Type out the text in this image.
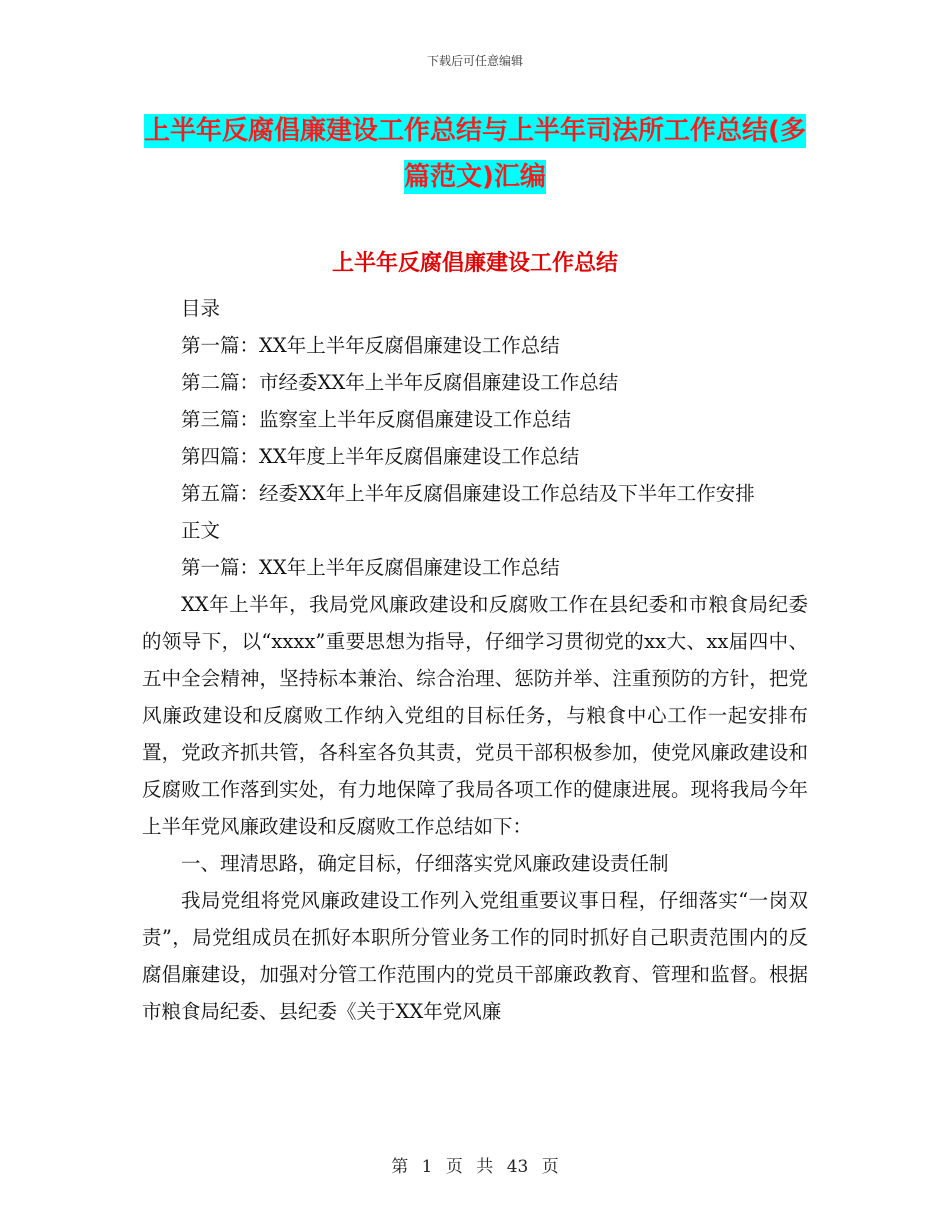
下载后可任意编辑
上半年反腐倡廉建设工作总结与上半年司法所工作总结(多篇范文)汇编
上半年反腐倡廉建设工作总结

目录

第一篇：XX年上半年反腐倡廉建设工作总结

第二篇：市经委XX年上半年反腐倡廉建设工作总结

第三篇：监察室上半年反腐倡廉建设工作总结

第四篇：XX年度上半年反腐倡廉建设工作总结

第五篇：经委XX年上半年反腐倡廉建设工作总结及下半年工作安排

正文

第一篇：XX年上半年反腐倡廉建设工作总结

XX年上半年，我局党风廉政建设和反腐败工作在县纪委和市粮食局纪委的领导下，以“xxxx”重要思想为指导，仔细学习贯彻党的xx大、xx届四中、五中全会精神，坚持标本兼治、综合治理、惩防并举、注重预防的方针，把党风廉政建设和反腐败工作纳入党组的目标任务，与粮食中心工作一起安排布置，党政齐抓共管，各科室各负其责，党员干部积极参加，使党风廉政建设和反腐败工作落到实处，有力地保障了我局各项工作的健康进展。现将我局今年上半年党风廉政建设和反腐败工作总结如下：

一、理清思路，确定目标，仔细落实党风廉政建设责任制

我局党组将党风廉政建设工作列入党组重要议事日程，仔细落实“一岗双责”，局党组成员在抓好本职所分管业务工作的同时抓好自己职责范围内的反腐倡廉建设，加强对分管工作范围内的党员干部廉政教育、管理和监督。根据市粮食局纪委、县纪委《关于XX年党风廉

第 1 页 共 43 页
